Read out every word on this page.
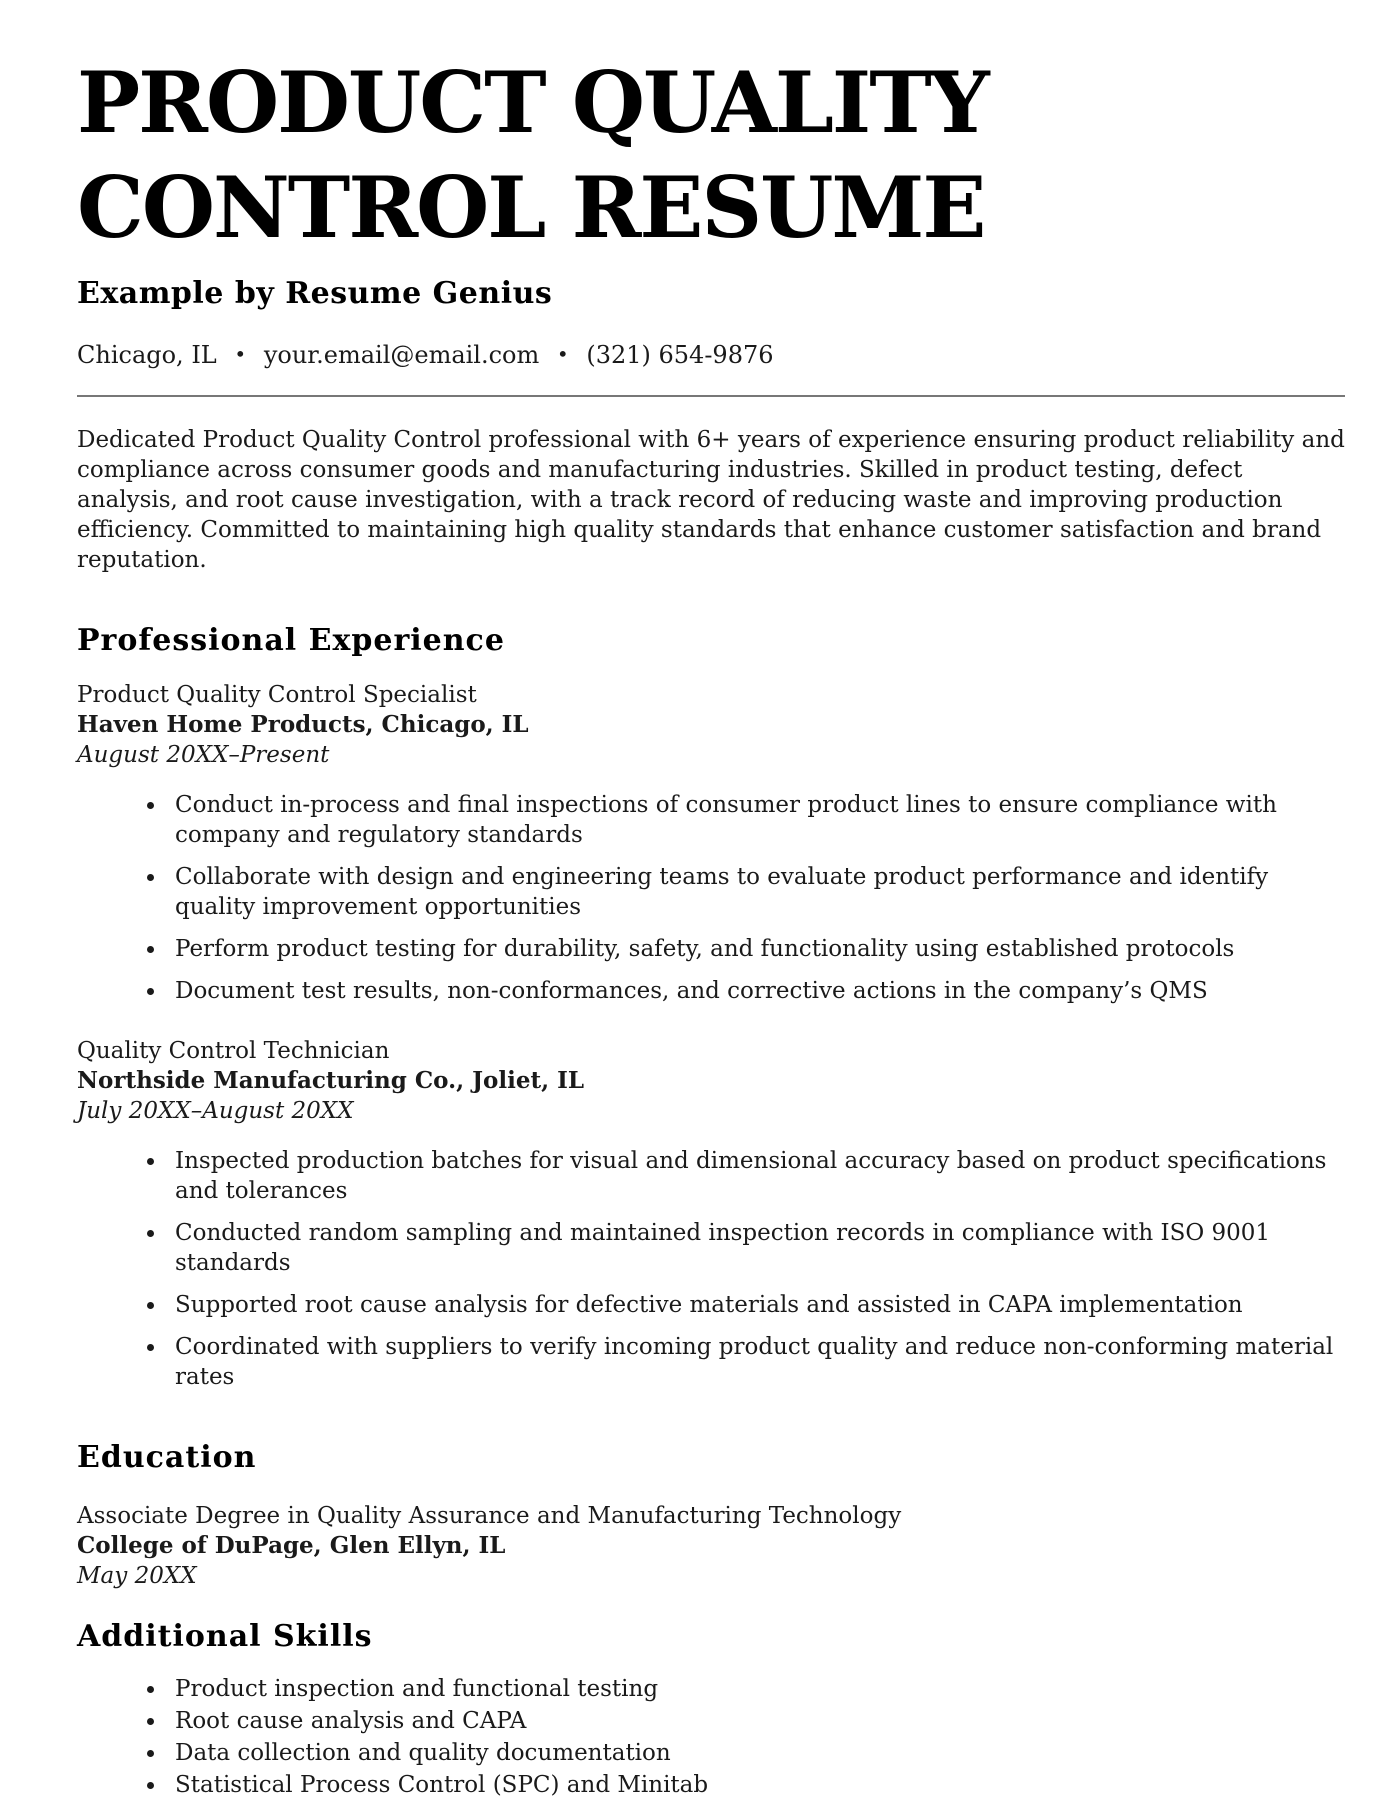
PRODUCT QUALITY
CONTROL RESUME
Example by Resume Genius
Chicago, IL • your.email@email.com • (321) 654-9876

Dedicated Product Quality Control professional with 6+ years of experience ensuring product reliability and compliance across consumer goods and manufacturing industries. Skilled in product testing, defect analysis, and root cause investigation, with a track record of reducing waste and improving production efficiency. Committed to maintaining high quality standards that enhance customer satisfaction and brand reputation.

Professional Experience
Product Quality Control Specialist
Haven Home Products, Chicago, IL
August 20XX–Present
• Conduct in-process and final inspections of consumer product lines to ensure compliance with company and regulatory standards
• Collaborate with design and engineering teams to evaluate product performance and identify quality improvement opportunities
• Perform product testing for durability, safety, and functionality using established protocols
• Document test results, non-conformances, and corrective actions in the company’s QMS
Quality Control Technician
Northside Manufacturing Co., Joliet, IL
July 20XX–August 20XX
• Inspected production batches for visual and dimensional accuracy based on product specifications and tolerances
• Conducted random sampling and maintained inspection records in compliance with ISO 9001 standards
• Supported root cause analysis for defective materials and assisted in CAPA implementation
• Coordinated with suppliers to verify incoming product quality and reduce non-conforming material rates
Education
Associate Degree in Quality Assurance and Manufacturing Technology
College of DuPage, Glen Ellyn, IL
May 20XX
Additional Skills
• Product inspection and functional testing
• Root cause analysis and CAPA
• Data collection and quality documentation
• Statistical Process Control (SPC) and Minitab
